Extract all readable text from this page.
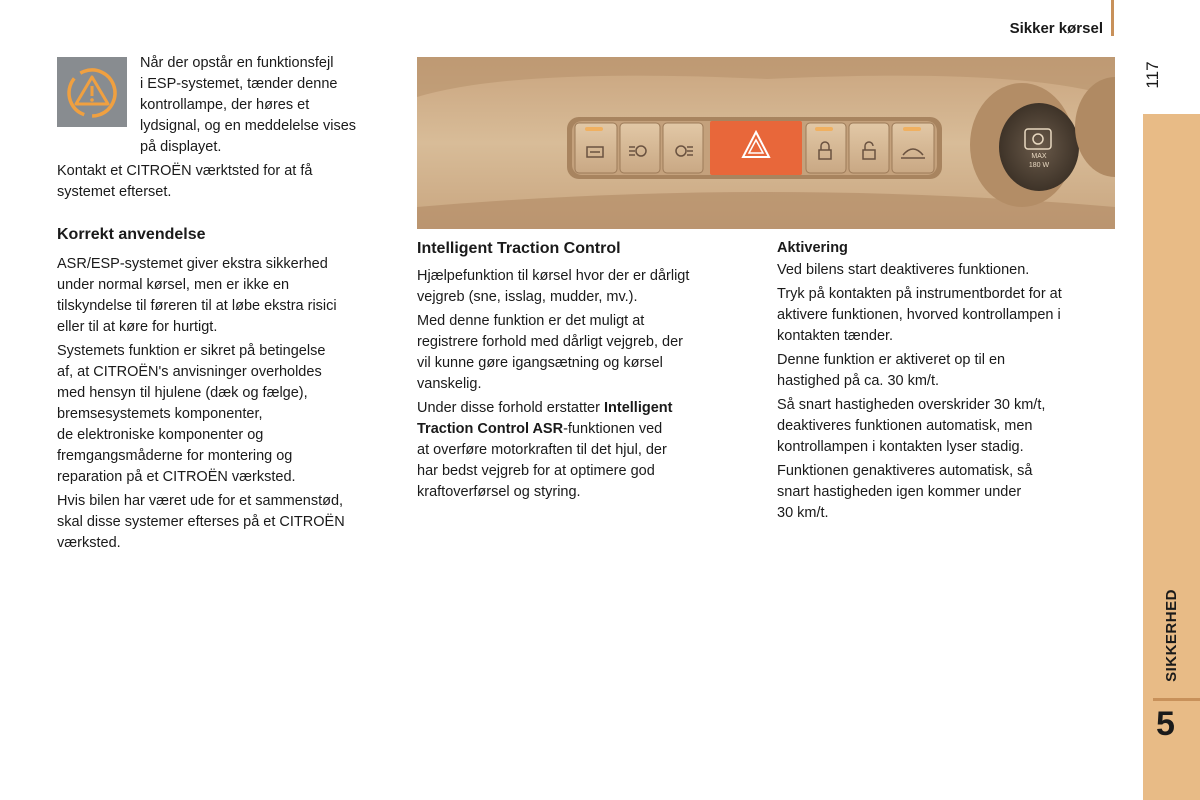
Sikker kørsel
117
SIKKERHED
5

Når der opstår en funktionsfejl
i ESP-systemet, tænder denne
kontrollampe, der høres et
lydsignal, og en meddelelse vises
på displayet.

Kontakt et CITROËN værktsted for at få
systemet efterset.

Korrekt anvendelse

ASR/ESP-systemet giver ekstra sikkerhed
under normal kørsel, men er ikke en
tilskyndelse til føreren til at løbe ekstra risici
eller til at køre for hurtigt.

Systemets funktion er sikret på betingelse
af, at CITROËN's anvisninger overholdes
med hensyn til hjulene (dæk og fælge),
bremsesystemets komponenter,
de elektroniske komponenter og
fremgangsmåderne for montering og
reparation på et CITROËN værksted.

Hvis bilen har været ude for et sammenstød,
skal disse systemer efterses på et CITROËN
værksted.

MAX
180 W
Intelligent Traction Control

Hjælpefunktion til kørsel hvor der er dårligt
vejgreb (sne, isslag, mudder, mv.).

Med denne funktion er det muligt at
registrere forhold med dårligt vejgreb, der
vil kunne gøre igangsætning og kørsel
vanskelig.

Under disse forhold erstatter Intelligent
Traction Control ASR-funktionen ved
at overføre motorkraften til det hjul, der
har bedst vejgreb for at optimere god
kraftoverførsel og styring.

Aktivering

Ved bilens start deaktiveres funktionen.

Tryk på kontakten på instrumentbordet for at
aktivere funktionen, hvorved kontrollampen i
kontakten tænder.

Denne funktion er aktiveret op til en
hastighed på ca. 30 km/t.

Så snart hastigheden overskrider 30 km/t,
deaktiveres funktionen automatisk, men
kontrollampen i kontakten lyser stadig.

Funktionen genaktiveres automatisk, så
snart hastigheden igen kommer under
30 km/t.
